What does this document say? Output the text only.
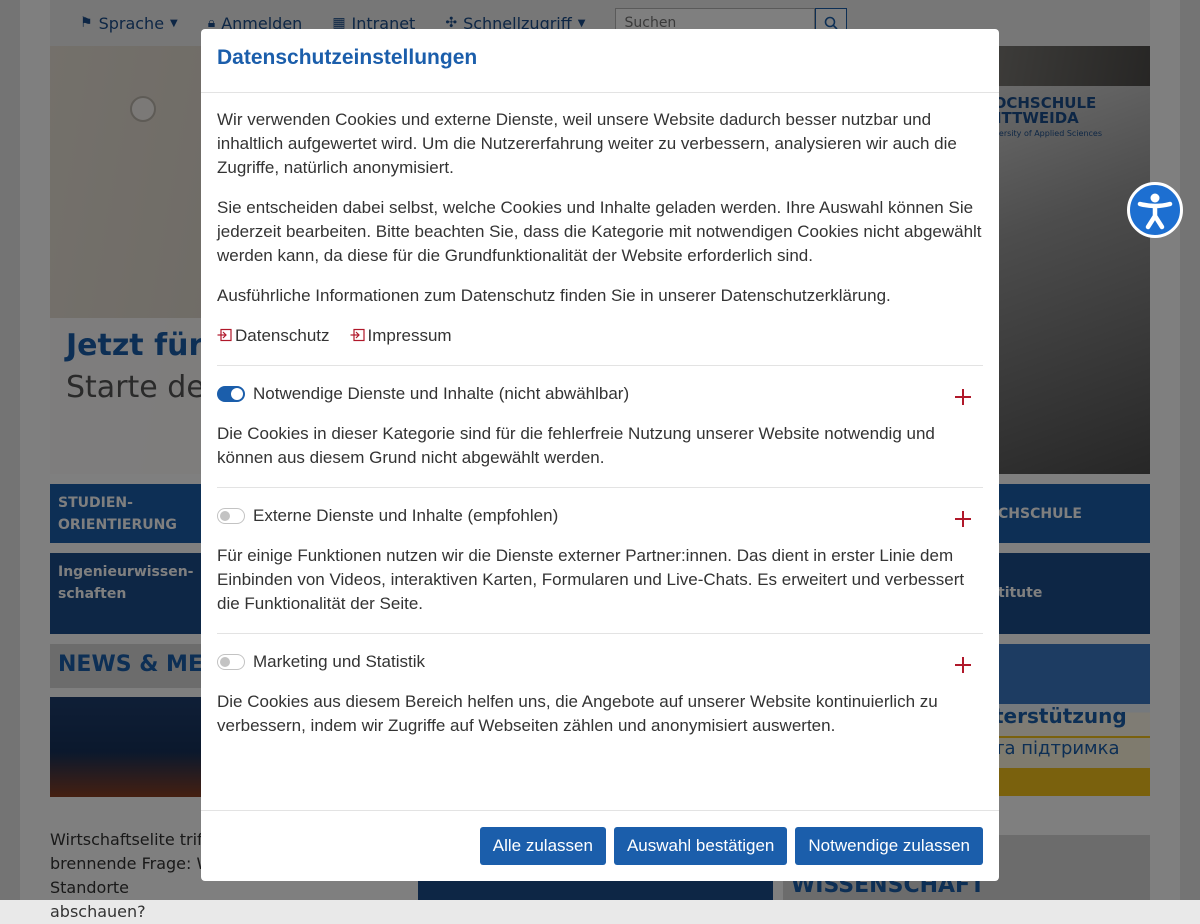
Suchen

abschauen?
Datenschutzeinstellungen

Wir verwenden Cookies und externe Dienste, weil unsere Website dadurch besser nutzbar und inhaltlich aufgewertet wird. Um die Nutzererfahrung weiter zu verbessern, analysieren wir auch die Zugriffe, natürlich anonymisiert.

Sie entscheiden dabei selbst, welche Cookies und Inhalte geladen werden. Ihre Auswahl können Sie jederzeit bearbeiten. Bitte beachten Sie, dass die Kategorie mit notwendigen Cookies nicht abgewählt werden kann, da diese für die Grundfunktionalität der Website erforderlich sind.

Ausführliche Informationen zum Datenschutz finden Sie in unserer Datenschutzerklärung.

Datenschutz Impressum
Notwendige Dienste und Inhalte (nicht abwählbar)

Die Cookies in dieser Kategorie sind für die fehlerfreie Nutzung unserer Website notwendig und können aus diesem Grund nicht abgewählt werden.

Externe Dienste und Inhalte (empfohlen)

Für einige Funktionen nutzen wir die Dienste externer Partner:innen. Das dient in erster Linie dem Einbinden von Videos, interaktiven Karten, Formularen und Live-Chats. Es erweitert und verbessert die Funktionalität der Seite.

Marketing und Statistik

Die Cookies aus diesem Bereich helfen uns, die Angebote auf unserer Website kontinuierlich zu verbessern, indem wir Zugriffe auf Webseiten zählen und anonymisiert auswerten.

Alle zulassen	Auswahl bestätigen	Notwendige zulassen
